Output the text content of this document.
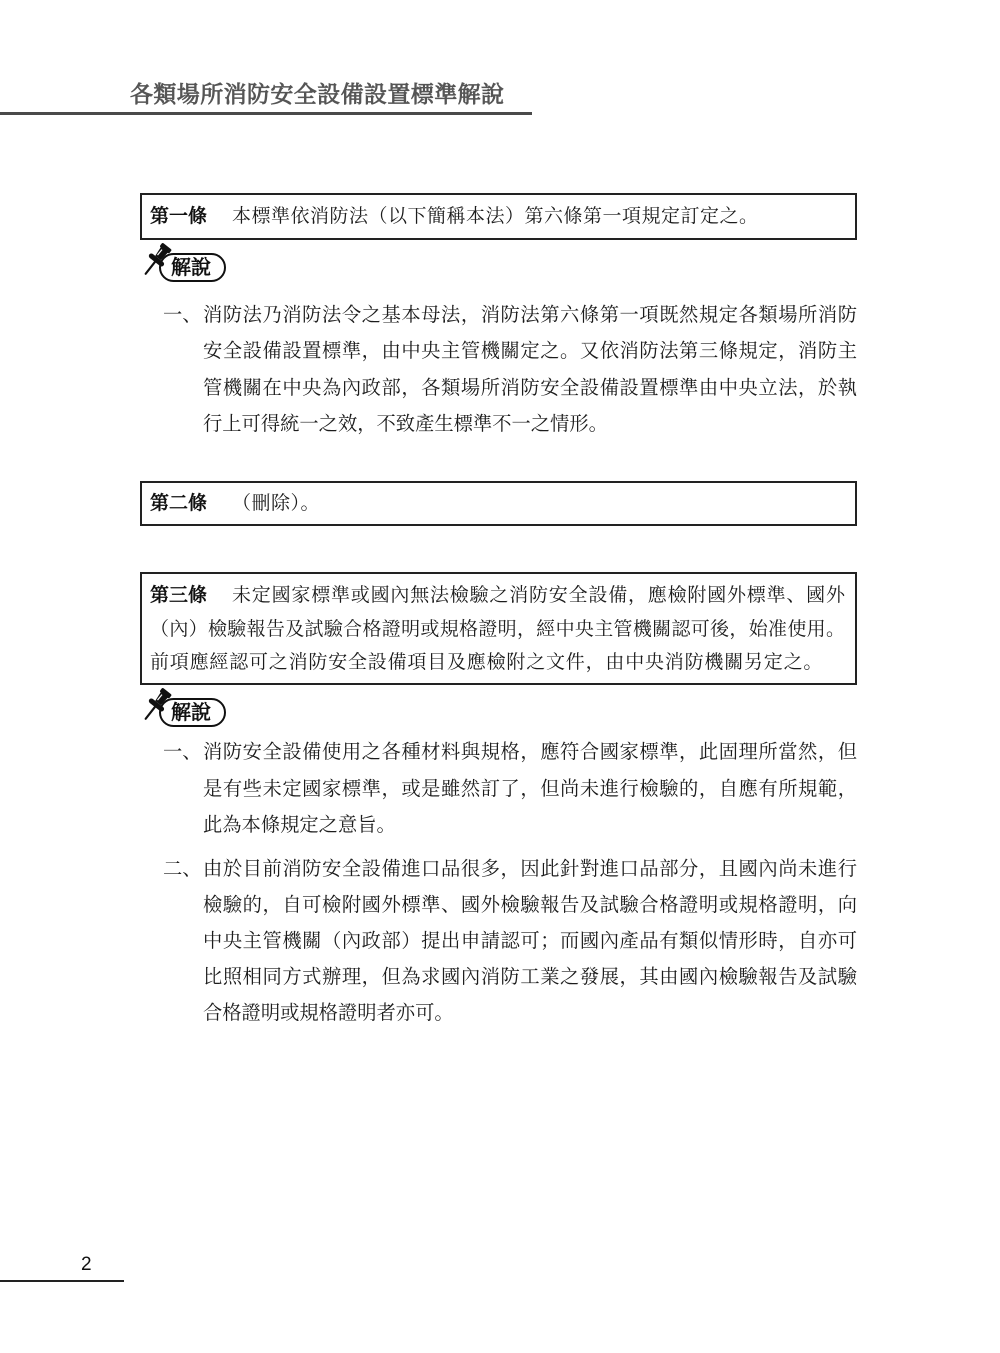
各類場所消防安全設備設置標準解說
第一條	本標準依消防法（以下簡稱本法）第六條第一項規定訂定之。
解說
一、 消防法乃消防法令之基本母法，消防法第六條第一項既然規定各類場所消防
安全設備設置標準，由中央主管機關定之。又依消防法第三條規定，消防主
管機關在中央為內政部，各類場所消防安全設備設置標準由中央立法，於執
行上可得統一之效，不致產生標準不一之情形。
第二條	（刪除）。
第三條	未定國家標準或國內無法檢驗之消防安全設備，應檢附國外標準、國外
（內）檢驗報告及試驗合格證明或規格證明，經中央主管機關認可後，始准使用。
前項應經認可之消防安全設備項目及應檢附之文件，由中央消防機關另定之。
解說
一、 消防安全設備使用之各種材料與規格，應符合國家標準，此固理所當然，但
是有些未定國家標準，或是雖然訂了，但尚未進行檢驗的，自應有所規範，
此為本條規定之意旨。
二、 由於目前消防安全設備進口品很多，因此針對進口品部分，且國內尚未進行
檢驗的，自可檢附國外標準、國外檢驗報告及試驗合格證明或規格證明，向
中央主管機關（內政部）提出申請認可；而國內產品有類似情形時，自亦可
比照相同方式辦理，但為求國內消防工業之發展，其由國內檢驗報告及試驗
合格證明或規格證明者亦可。
2
